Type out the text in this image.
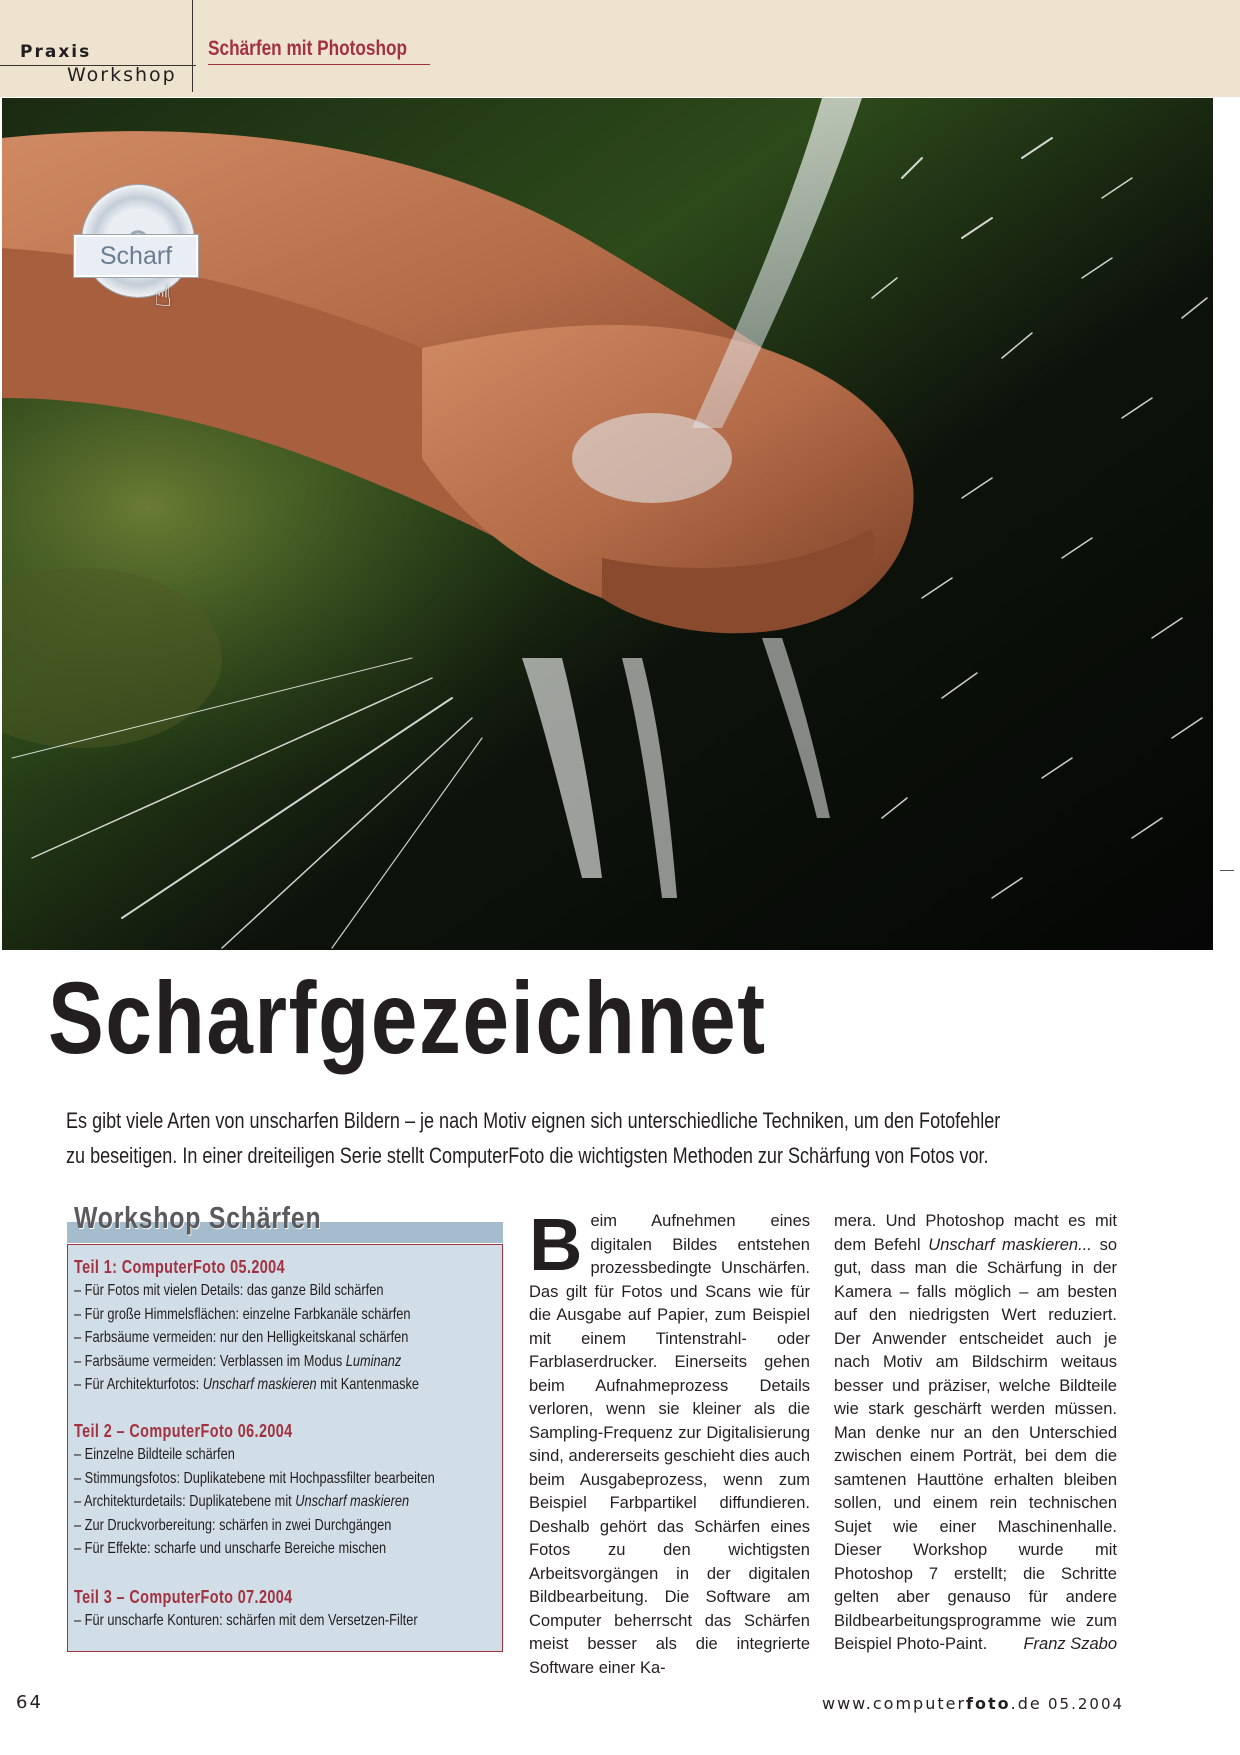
Praxis
Workshop
Schärfen mit Photoshop
Scharf
☝
Scharfgezeichnet

Es gibt viele Arten von unscharfen Bildern – je nach Motiv eignen sich unterschiedliche Techniken, um den Fotofehler

zu beseitigen. In einer dreiteiligen Serie stellt ComputerFoto die wichtigsten Methoden zur Schärfung von Fotos vor.

Workshop Schärfen
Teil 1: ComputerFoto 05.2004
– Für Fotos mit vielen Details: das ganze Bild schärfen
– Für große Himmelsflächen: einzelne Farbkanäle schärfen
– Farbsäume vermeiden: nur den Helligkeitskanal schärfen
– Farbsäume vermeiden: Verblassen im Modus Luminanz
– Für Architekturfotos: Unscharf maskieren mit Kantenmaske
Teil 2 – ComputerFoto 06.2004
– Einzelne Bildteile schärfen
– Stimmungsfotos: Duplikatebene mit Hochpassfilter bearbeiten
– Architekturdetails: Duplikatebene mit Unscharf maskieren
– Zur Druckvorbereitung: schärfen in zwei Durchgängen
– Für Effekte: scharfe und unscharfe Bereiche mischen
Teil 3 – ComputerFoto 07.2004
– Für unscharfe Konturen: schärfen mit dem Versetzen-Filter
Beim Aufnehmen eines digitalen Bildes entstehen prozessbedingte Unschärfen. Das gilt für Fotos und Scans wie für die Ausgabe auf Papier, zum Beispiel mit einem Tintenstrahl- oder Farblaserdrucker. Einerseits gehen beim Aufnahmeprozess Details verloren, wenn sie kleiner als die Sampling-Frequenz zur Digitalisierung sind, andererseits geschieht dies auch beim Ausgabeprozess, wenn zum Beispiel Farbpartikel diffundieren. Deshalb gehört das Schärfen eines Fotos zu den wichtigsten Arbeitsvorgängen in der digitalen Bildbearbeitung. Die Software am Computer beherrscht das Schärfen meist besser als die integrierte Software einer Ka-
mera. Und Photoshop macht es mit dem Befehl Unscharf maskieren... so gut, dass man die Schärfung in der Kamera – falls möglich – am besten auf den niedrigsten Wert reduziert. Der Anwender entscheidet auch je nach Motiv am Bildschirm weitaus besser und präziser, welche Bildteile wie stark geschärft werden müssen. Man denke nur an den Unterschied zwischen einem Porträt, bei dem die samtenen Hauttöne erhalten bleiben sollen, und einem rein technischen Sujet wie einer Maschinenhalle. Dieser Workshop wurde mit Photoshop 7 erstellt; die Schritte gelten aber genauso für andere Bildbearbeitungsprogramme wie zum Beispiel Photo-Paint. Franz Szabo
64	www.computerfoto.de 05.2004
